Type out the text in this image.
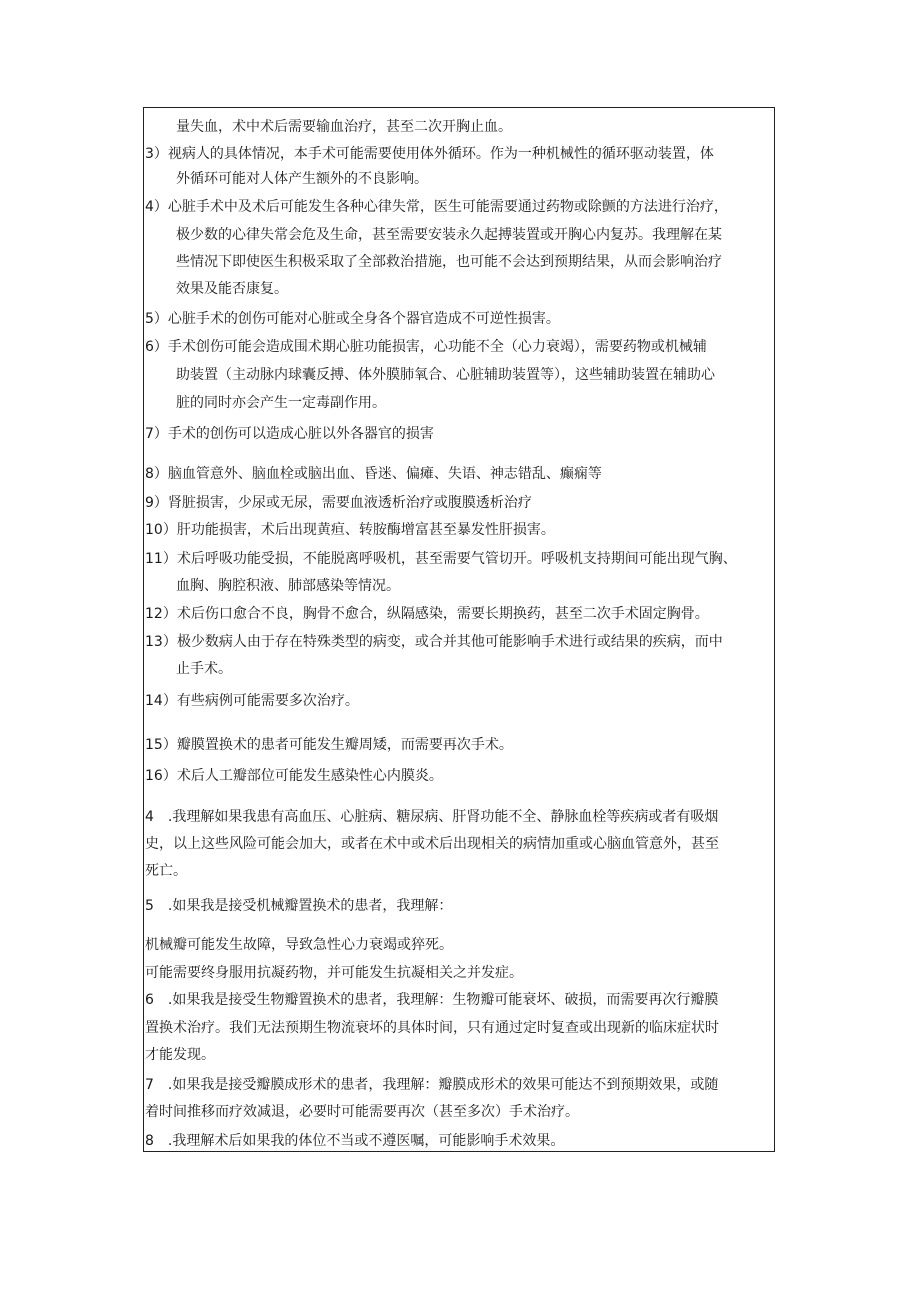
量失血，术中术后需要输血治疗，甚至二次开胸止血。

3）视病人的具体情况，本手术可能需要使用体外循环。作为一种机械性的循环驱动装置，体

外循环可能对人体产生额外的不良影响。

4）心脏手术中及术后可能发生各种心律失常，医生可能需要通过药物或除颤的方法进行治疗，

极少数的心律失常会危及生命，甚至需要安装永久起搏装置或开胸心内复苏。我理解在某

些情况下即使医生积极采取了全部救治措施，也可能不会达到预期结果，从而会影响治疗

效果及能否康复。

5）心脏手术的创伤可能对心脏或全身各个器官造成不可逆性损害。

6）手术创伤可能会造成围术期心脏功能损害，心功能不全（心力衰竭），需要药物或机械辅

助装置（主动脉内球囊反搏、体外膜肺氧合、心脏辅助装置等），这些辅助装置在辅助心

脏的同时亦会产生一定毒副作用。

7）手术的创伤可以造成心脏以外各器官的损害

8）脑血管意外、脑血栓或脑出血、昏迷、偏瘫、失语、神志错乱、癫痫等

9）肾脏损害，少尿或无尿，需要血液透析治疗或腹膜透析治疗

10）肝功能损害，术后出现黄疸、转胺酶增富甚至暴发性肝损害。

11）术后呼吸功能受损，不能脱离呼吸机，甚至需要气管切开。呼吸机支持期间可能出现气胸、

血胸、胸腔积液、肺部感染等情况。

12）术后伤口愈合不良，胸骨不愈合，纵隔感染，需要长期换药，甚至二次手术固定胸骨。

13）极少数病人由于存在特殊类型的病变，或合并其他可能影响手术进行或结果的疾病，而中

止手术。

14）有些病例可能需要多次治疗。

15）瓣膜置换术的患者可能发生瓣周矮，而需要再次手术。

16）术后人工瓣部位可能发生感染性心内膜炎。

4　.我理解如果我患有高血压、心脏病、糖尿病、肝肾功能不全、静脉血栓等疾病或者有吸烟

史，以上这些风险可能会加大，或者在术中或术后出现相关的病情加重或心脑血管意外，甚至

死亡。

5　.如果我是接受机械瓣置换术的患者，我理解：

机械瓣可能发生故障，导致急性心力衰竭或猝死。

可能需要终身服用抗凝药物，并可能发生抗凝相关之并发症。

6　.如果我是接受生物瓣置换术的患者，我理解：生物瓣可能衰坏、破损，而需要再次行瓣膜

置换术治疗。我们无法预期生物流衰坏的具体时间，只有通过定时复查或出现新的临床症状时

才能发现。

7　.如果我是接受瓣膜成形术的患者，我理解：瓣膜成形术的效果可能达不到预期效果，或随

着时间推移而疗效减退，必要时可能需要再次（甚至多次）手术治疗。

8　.我理解术后如果我的体位不当或不遵医嘱，可能影响手术效果。
